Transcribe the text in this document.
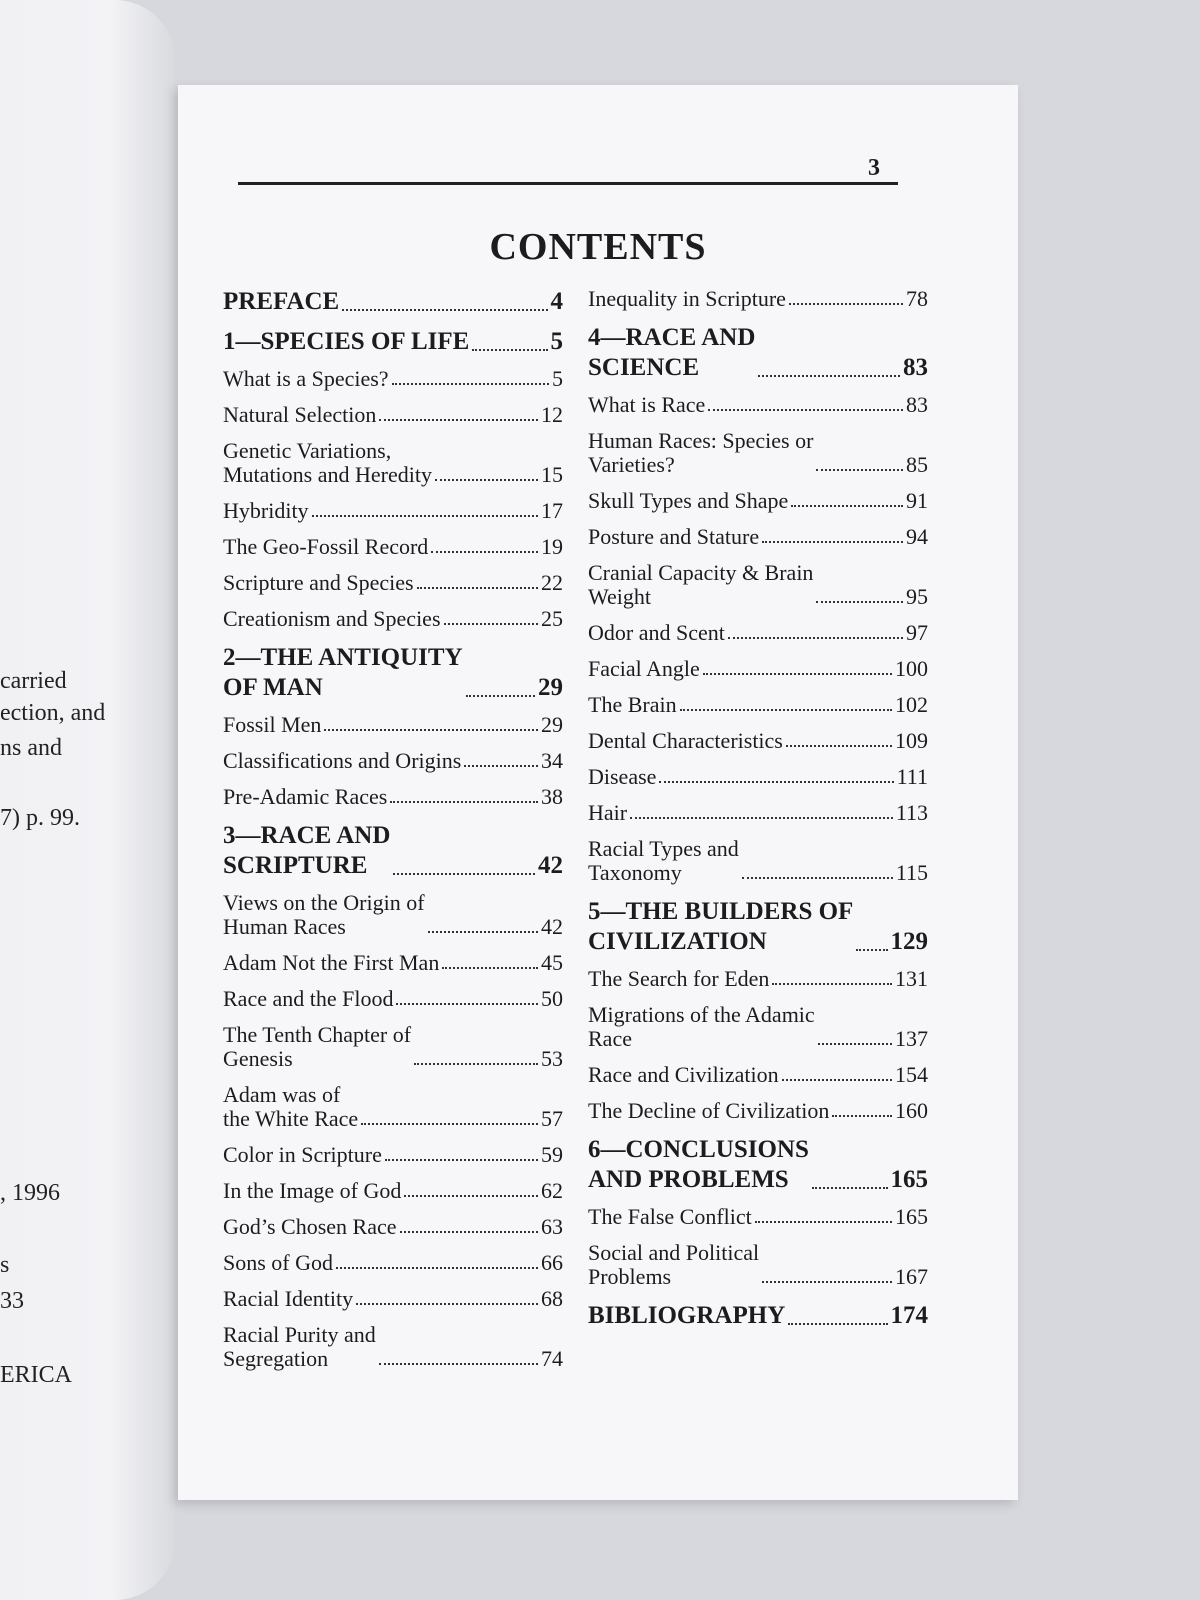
carried
ection, and
ns and
7) p. 99.
, 1996
s
33
ERICA
3
CONTENTS
PREFACE	4
1—SPECIES OF LIFE	5
What is a Species?	5
Natural Selection	12
Genetic Variations,
Mutations and Heredity	15
Hybridity	17
The Geo-Fossil Record	19
Scripture and Species	22
Creationism and Species	25
2—THE ANTIQUITY
OF MAN	29
Fossil Men	29
Classifications and Origins	34
Pre-Adamic Races	38
3—RACE AND
SCRIPTURE	42
Views on the Origin of
Human Races	42
Adam Not the First Man	45
Race and the Flood	50
The Tenth Chapter of
Genesis	53
Adam was of
the White Race	57
Color in Scripture	59
In the Image of God	62
God’s Chosen Race	63
Sons of God	66
Racial Identity	68
Racial Purity and
Segregation	74
Inequality in Scripture	78
4—RACE AND
SCIENCE	83
What is Race	83
Human Races: Species or
Varieties?	85
Skull Types and Shape	91
Posture and Stature	94
Cranial Capacity & Brain
Weight	95
Odor and Scent	97
Facial Angle	100
The Brain	102
Dental Characteristics	109
Disease	111
Hair	113
Racial Types and
Taxonomy	115
5—THE BUILDERS OF
CIVILIZATION	129
The Search for Eden	131
Migrations of the Adamic
Race	137
Race and Civilization	154
The Decline of Civilization	160
6—CONCLUSIONS
AND PROBLEMS	165
The False Conflict	165
Social and Political
Problems	167
BIBLIOGRAPHY	174
